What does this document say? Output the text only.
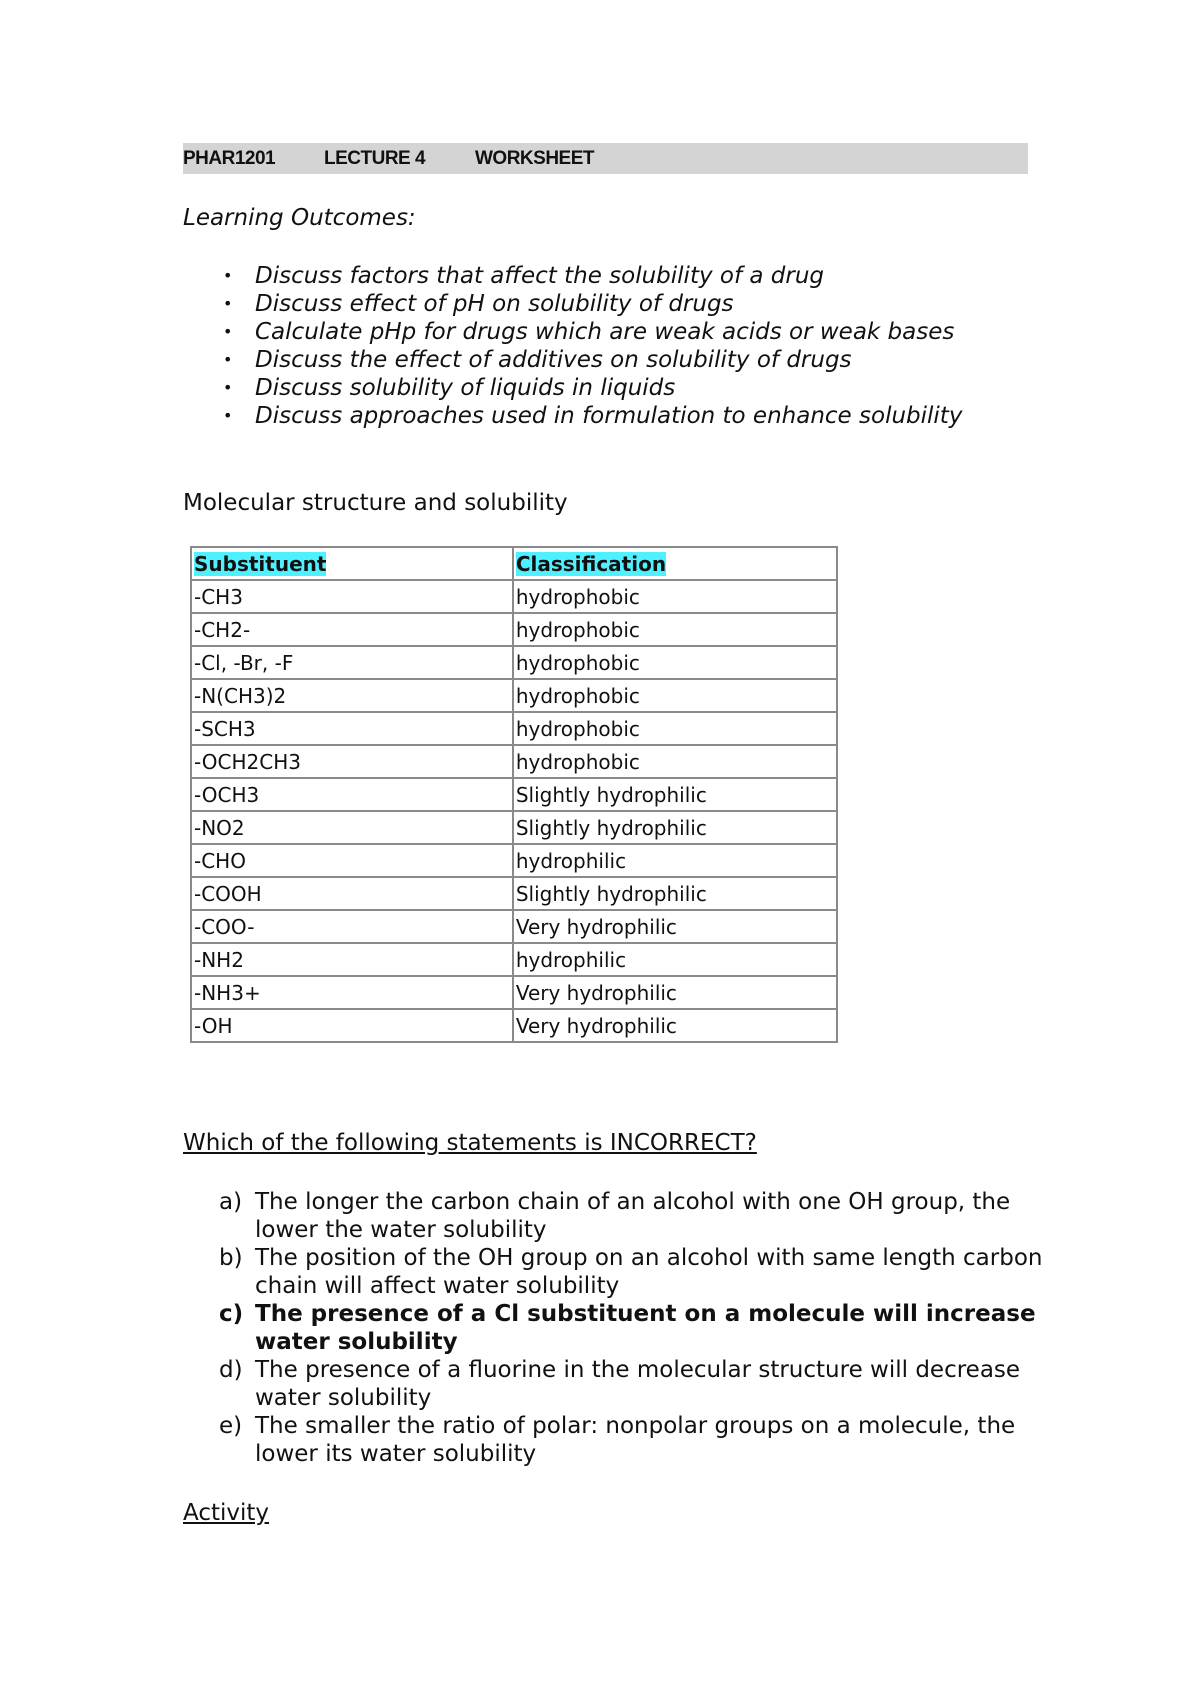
PHAR1201	LECTURE 4	WORKSHEET
Learning Outcomes:
• Discuss factors that affect the solubility of a drug
• Discuss effect of pH on solubility of drugs
• Calculate pHp for drugs which are weak acids or weak bases
• Discuss the effect of additives on solubility of drugs
• Discuss solubility of liquids in liquids
• Discuss approaches used in formulation to enhance solubility
Molecular structure and solubility
Substituent	Classification
-CH3	hydrophobic
-CH2-	hydrophobic
-Cl, -Br, -F	hydrophobic
-N(CH3)2	hydrophobic
-SCH3	hydrophobic
-OCH2CH3	hydrophobic
-OCH3	Slightly hydrophilic
-NO2	Slightly hydrophilic
-CHO	hydrophilic
-COOH	Slightly hydrophilic
-COO-	Very hydrophilic
-NH2	hydrophilic
-NH3+	Very hydrophilic
-OH	Very hydrophilic
Which of the following statements is INCORRECT?
a) The longer the carbon chain of an alcohol with one OH group, the lower the water solubility
b) The position of the OH group on an alcohol with same length carbon chain will affect water solubility
c) The presence of a Cl substituent on a molecule will increase water solubility
d) The presence of a fluorine in the molecular structure will decrease water solubility
e) The smaller the ratio of polar: nonpolar groups on a molecule, the lower its water solubility
Activity
